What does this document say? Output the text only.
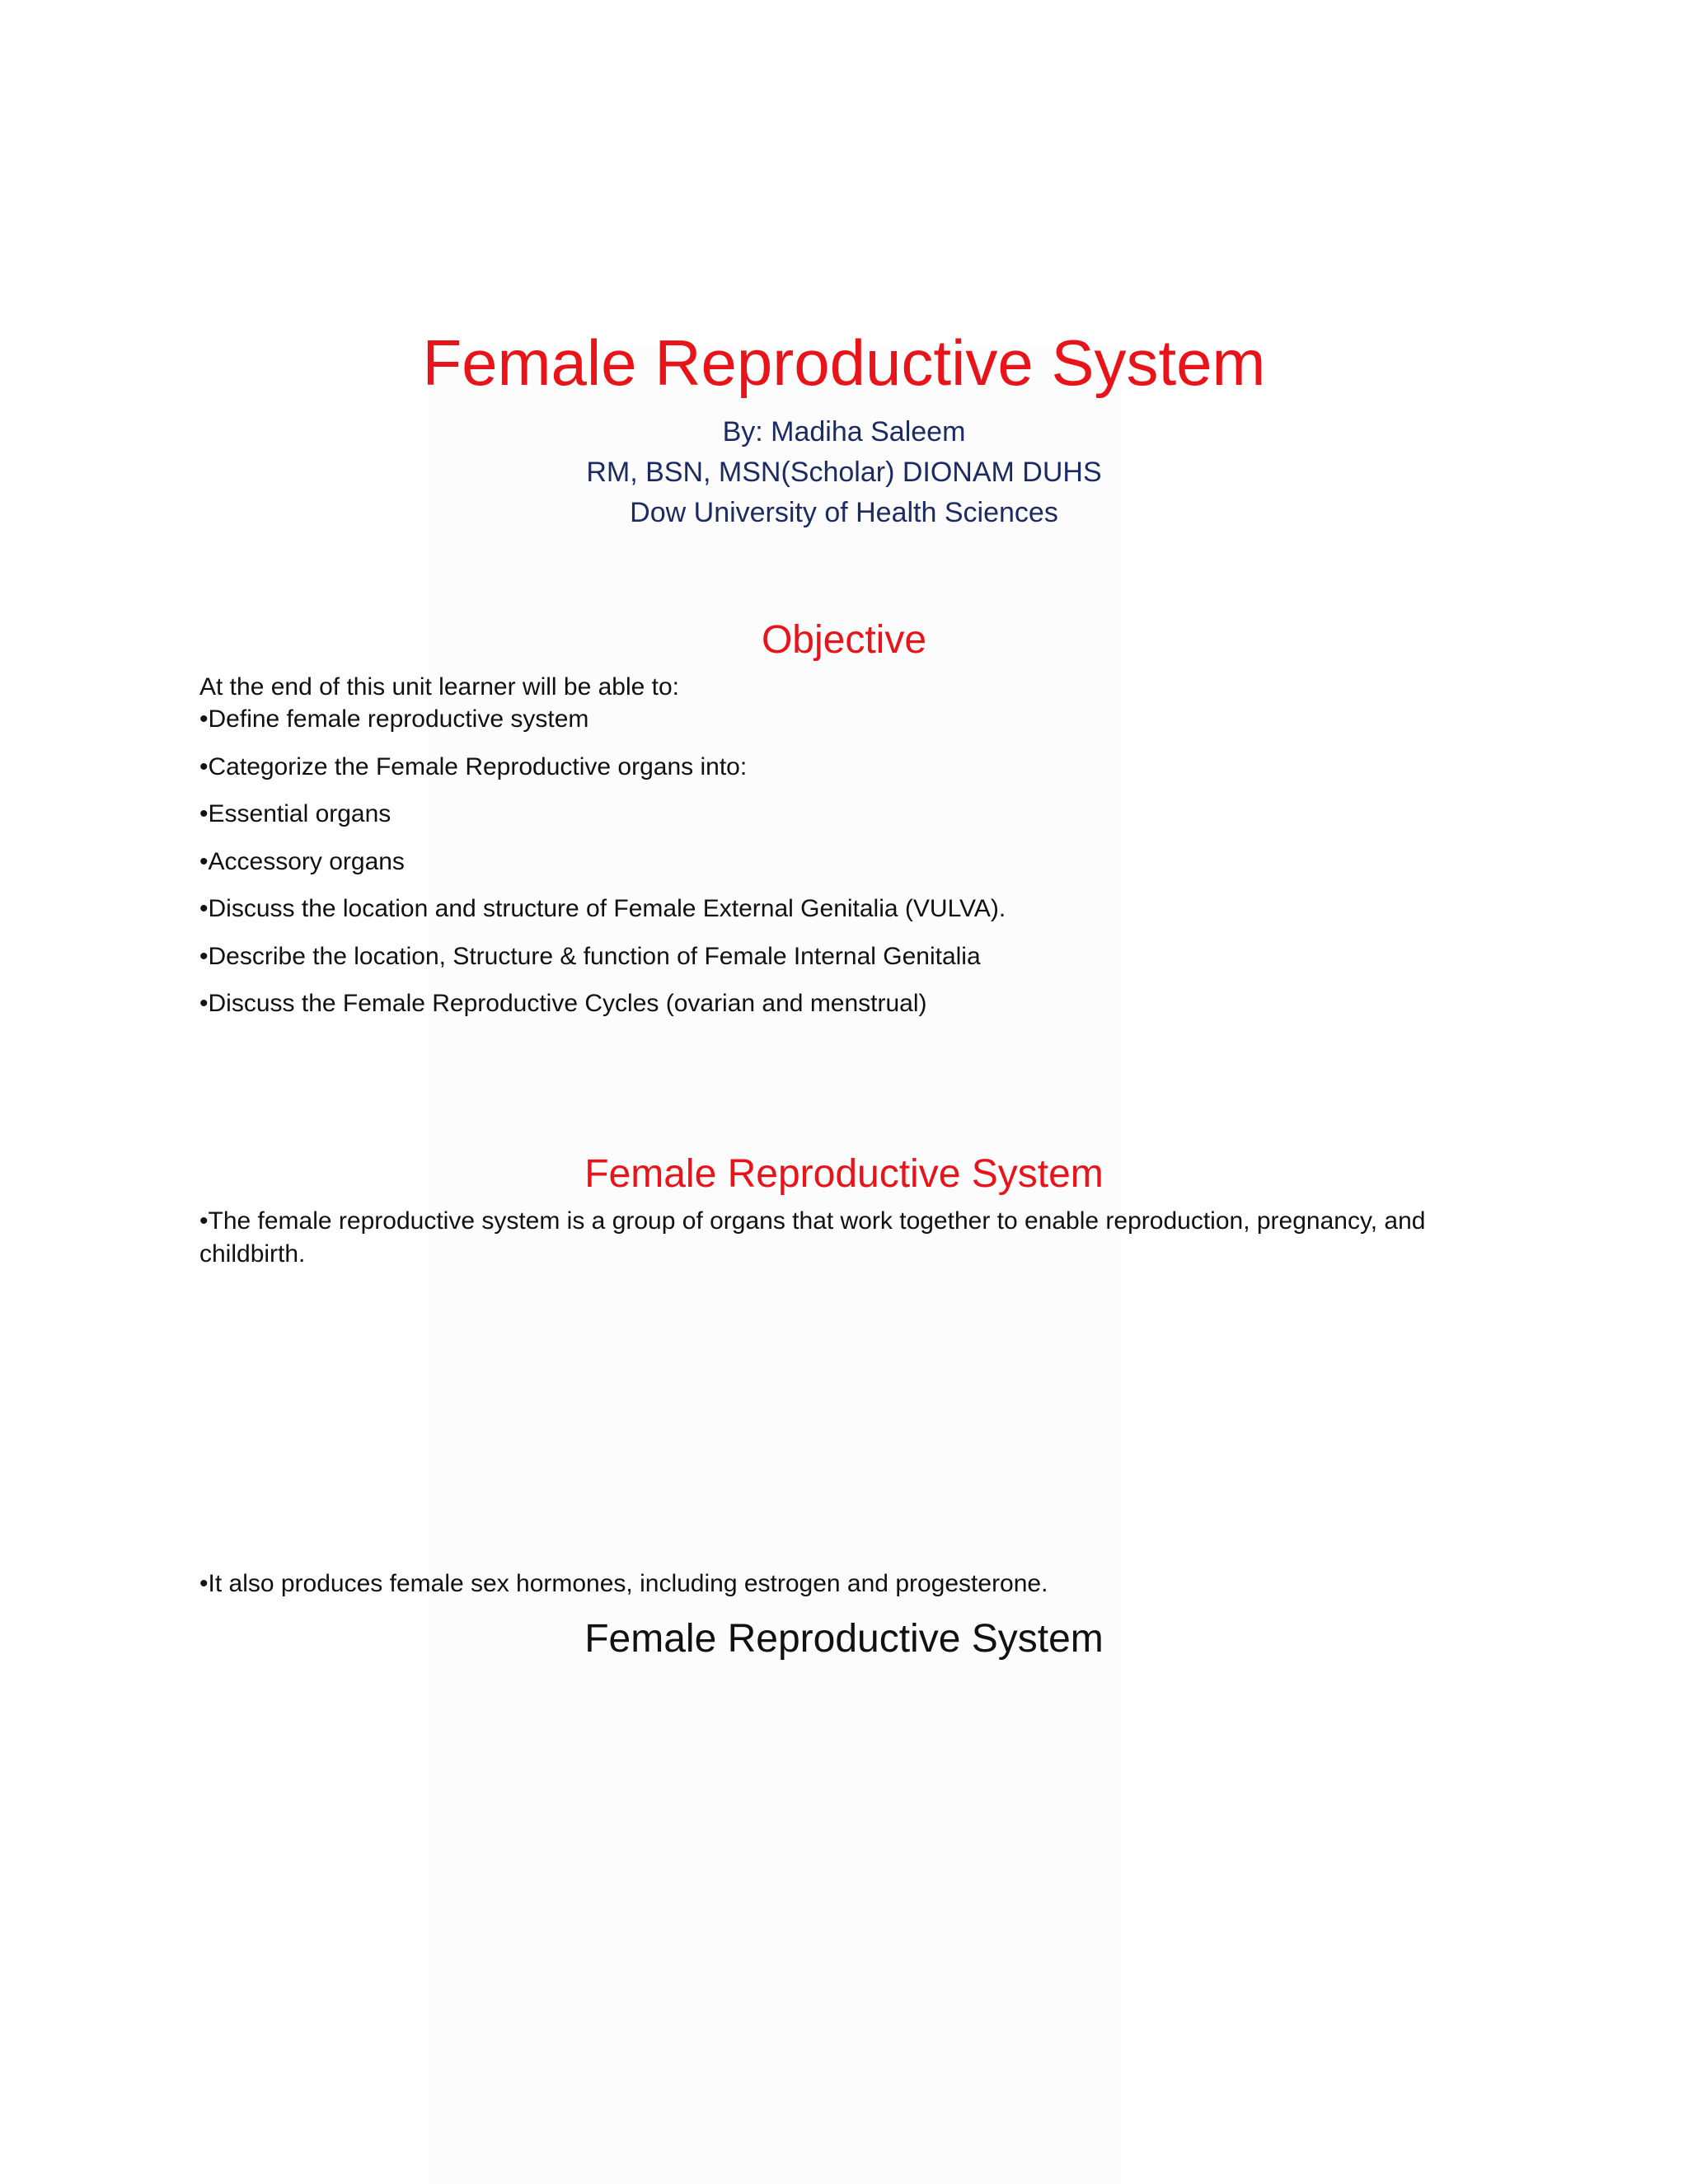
Female Reproductive System
By: Madiha Saleem
RM, BSN, MSN(Scholar) DIONAM DUHS
Dow University of Health Sciences
Objective
At the end of this unit learner will be able to:
•Define female reproductive system
•Categorize the Female Reproductive organs into:
•Essential organs
•Accessory organs
•Discuss the location and structure of Female External Genitalia (VULVA).
•Describe the location, Structure & function of Female Internal Genitalia
•Discuss the Female Reproductive Cycles (ovarian and menstrual)
Female Reproductive System
•The female reproductive system is a group of organs that work together to enable reproduction, pregnancy, and childbirth.
•It also produces female sex hormones, including estrogen and progesterone.
Female Reproductive System
